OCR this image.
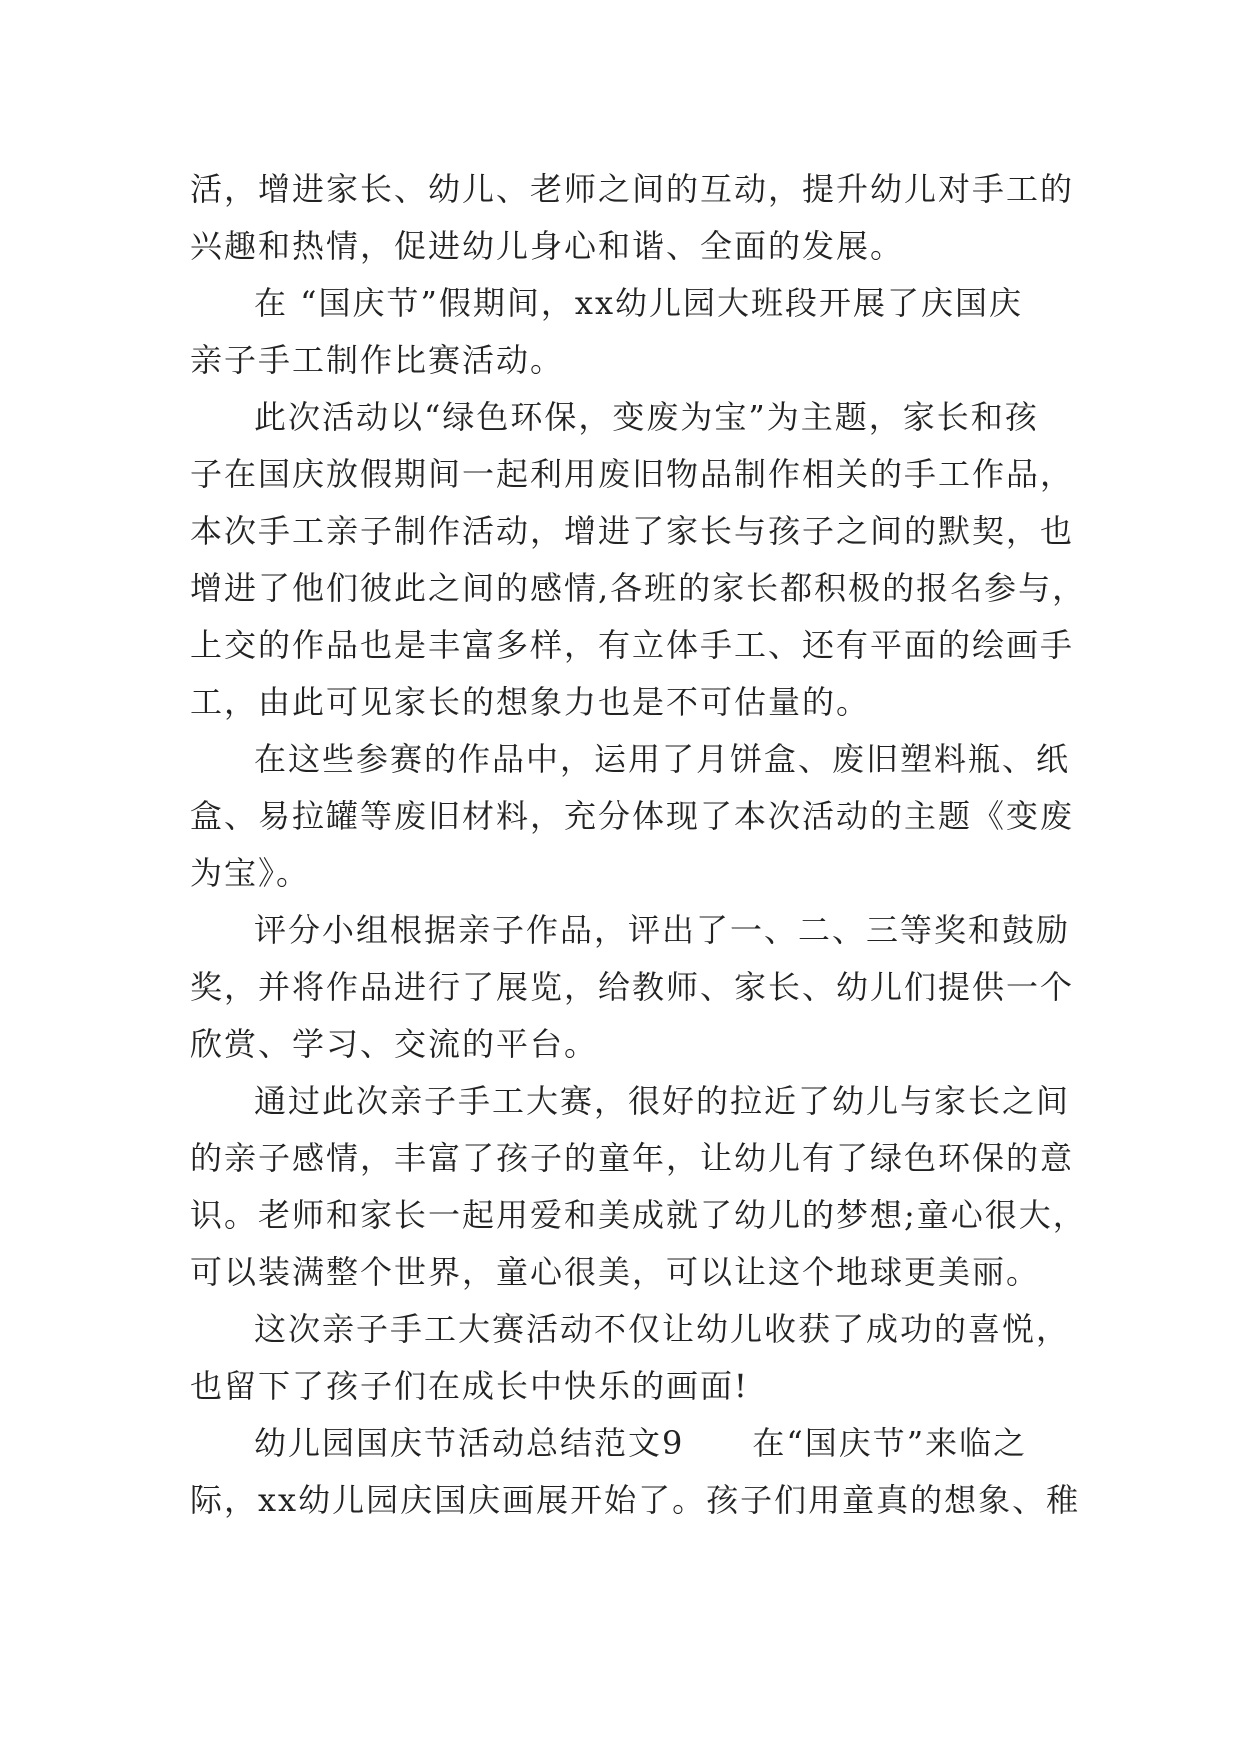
活，增进家长、幼儿、老师之间的互动，提升幼儿对手工的
兴趣和热情，促进幼儿身心和谐、全面的发展。
在 “国庆节”假期间，xx幼儿园大班段开展了庆国庆
亲子手工制作比赛活动。
此次活动以“绿色环保，变废为宝”为主题，家长和孩
子在国庆放假期间一起利用废旧物品制作相关的手工作品，
本次手工亲子制作活动，增进了家长与孩子之间的默契，也
增进了他们彼此之间的感情,各班的家长都积极的报名参与，
上交的作品也是丰富多样，有立体手工、还有平面的绘画手
工，由此可见家长的想象力也是不可估量的。
在这些参赛的作品中，运用了月饼盒、废旧塑料瓶、纸
盒、易拉罐等废旧材料，充分体现了本次活动的主题《变废
为宝》。
评分小组根据亲子作品，评出了一、二、三等奖和鼓励
奖，并将作品进行了展览，给教师、家长、幼儿们提供一个
欣赏、学习、交流的平台。
通过此次亲子手工大赛，很好的拉近了幼儿与家长之间
的亲子感情，丰富了孩子的童年，让幼儿有了绿色环保的意
识。老师和家长一起用爱和美成就了幼儿的梦想;童心很大，
可以装满整个世界，童心很美，可以让这个地球更美丽。
这次亲子手工大赛活动不仅让幼儿收获了成功的喜悦，
也留下了孩子们在成长中快乐的画面!
幼儿园国庆节活动总结范文9　　在“国庆节”来临之
际，xx幼儿园庆国庆画展开始了。孩子们用童真的想象、稚
